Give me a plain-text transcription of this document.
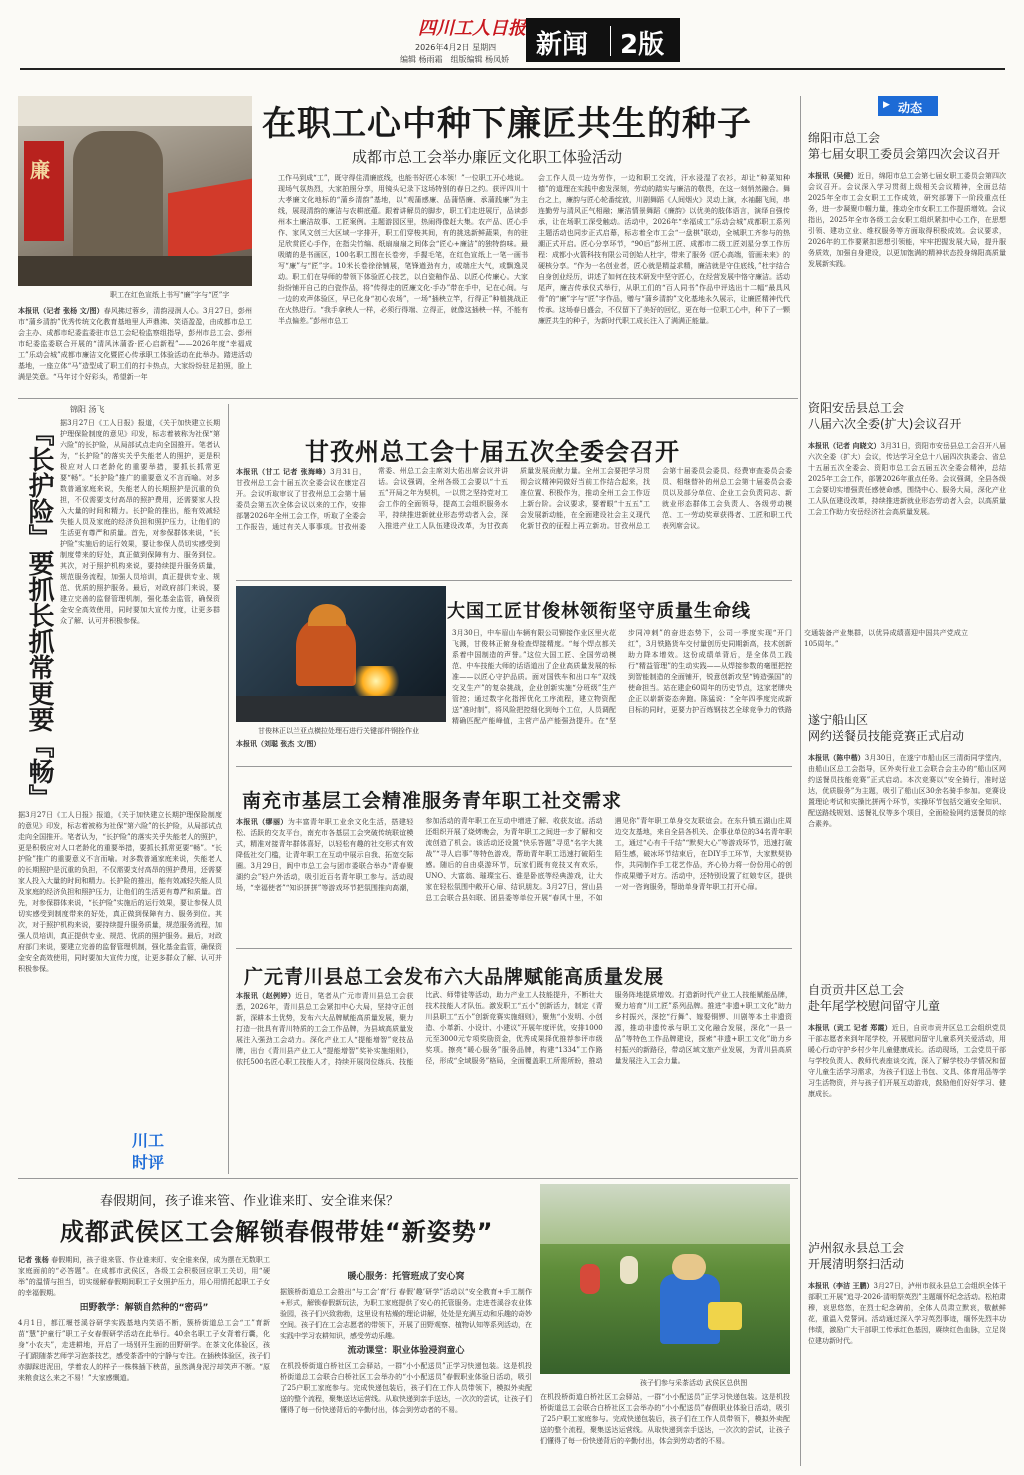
四川工人日报
2026年4月2日 星期四
编辑 杨雨霜　组版编辑 杨凤娇 新闻 2版
廉
职工在红色宣纸上书写“廉”字与“匠”字
在职工心中种下廉匠共生的种子
成都市总工会举办廉匠文化职工体验活动
本报讯（记者 张杨 文/图）春风拂过蓉乡，清韵浸润人心。3月27日，彭州市“蒲乡清韵”优秀传统文化教育基地里人声鼎沸、笑语盈盈，由成都市总工会主办、成都市纪委监委驻市总工会纪检监察组指导，彭州市总工会、彭州市纪委监委联合开展的“清风沐蒲香·匠心启新程”——2026年度“幸福成工”乐动会城”成都市廉洁文化暨匠心传承职工体验活动在此举办。踏进活动基地，一座立体“马”造型成了职工们的打卡热点，大家纷纷驻足拍照，脸上满是笑意。“马年讨个好彩头，希望新一年
工作马到成“工”，既守得住清廉底线，也能书好匠心本领！”一位职工开心地说。现场气氛热烈，大家拍照分享，用镜头记录下这场特别的春日之约。获评四川十大孝廉文化地标的“蒲乡清韵”基地，以“观蒲感廉、品蒲悟廉、承蒲践廉”为主线，展现清韵的廉洁与农耕底蕴。跟着讲解员的脚步，职工们走进展厅，品读彭州本土廉洁故事、工匠案例。主题游园区里，热闹得像赶大集。农产品、匠心手作、家风文创三大区域一字排开，职工们穿梭其间，有的挑选新鲜蔬果，有的驻足欣赏匠心手作，在指尖竹编、纸扇扇扇之间体会“匠心+廉洁”的独特韵味。最吸睛的是书画区，100名职工围在长卷旁，手握毛笔，在红色宣纸上一笔一画书写“廉”与“匠”字。10米长卷徐徐铺展，笔锋遒劲有力，或端庄大气，或飘逸灵动。职工们在导师的带领下体验匠心技艺，以白瓷釉作品、以匠心传廉心。大家纷纷铺开自己的白瓷作品，将“传得走的匠廉文化·手办”带在手中，记在心间。与一边的欢声体验区，早已化身“初心农场”，一场“插秧立竿，行得正”种植挑战正在火热进行。“我手拿秧人一样，必须行得端、立得正，就像这插秧一样，不能有半点偏差。”彭州市总工
会工作人员一边为劳作，一边和职工交流，汗水浸湿了衣衫，却让“种菜知种德”的道理在实践中愈发深刻，劳动的踏实与廉洁的敬畏，在这一刻悄然融合。舞台之上，廉韵与匠心轮番绽放，川剧舞蹈《人间烟火》灵动上演，水袖翻飞间，串连勤劳与清风正气相融；廉洁情景舞蹈《廉韵》以优美的肢体语言，演绎自强传承，让在场职工深受触动。活动中，2026年“幸福成工”乐动会城”成都职工系列主题活动也同步正式启幕，标志着全市工会“一盘棋”联动，全城职工齐参与的热潮正式开启。匠心分享环节，“90后”彭州工匠、成都市二级工匠刘星分享工作历程：成都小火箭科技有限公司创始人杜宇，带来了服务《匠心高端，管画未来》的硬核分享。“作为一名创业者，匠心就是精益求精，廉洁就是守住底线，”杜宇结合自身创业经历，讲述了如何在技术研发中坚守匠心，在经营发展中恪守廉洁。活动尾声，廉吉传承仪式举行，从职工们的“百人同书”作品中评选出十二幅“最具风骨”的“廉”字与“匠”字作品，赠与“蒲乡清韵”文化基地永久展示，让廉匠精神代代传承。这场春日盛会，不仅留下了美好的回忆，更在每一位职工心中，种下了一颗廉匠共生的种子，为新时代职工成长注入了满满正能量。
锦阳 汤飞
据3月27日《工人日报》报道，《关于加快建立长期护理保险制度的意见》印发，标志着被称为社保“第六险”的长护险，从局部试点走向全国推开。笔者认为，“长护险”的落实关乎失能老人的照护，更是积极应对人口老龄化的重要举措，要抓长抓常更要“畅”。“长护险”推广的重要意义不言而喻。对多数普通家庭来说，失能老人的长期照护是沉重的负担，不仅需要支付高昂的照护费用，还需要家人投入大量的时间和精力。长护险的推出，能有效减轻失能人员及家庭的经济负担和照护压力，让他们的生活更有尊严和质量。首先，对参保群体来说，“长护险”实施后的运行效果，要让参保人员切实感受到制度带来的好处，真正做到保障有力、服务到位。其次，对于照护机构来说，要持续提升服务质量，规范服务流程，加强人员培训，真正提供专业、规范、优质的照护服务。最后，对政府部门来说，要建立完善的监督管理机制，强化基金监管，确保资金安全高效使用，同时要加大宣传力度，让更多群众了解、认可并积极参保。
『长护险』要抓长抓常更要『畅』
据3月27日《工人日报》报道，《关于加快建立长期护理保险制度的意见》印发，标志着被称为社保“第六险”的长护险，从局部试点走向全国推开。笔者认为，“长护险”的落实关乎失能老人的照护，更是积极应对人口老龄化的重要举措，要抓长抓常更要“畅”。“长护险”推广的重要意义不言而喻。对多数普通家庭来说，失能老人的长期照护是沉重的负担，不仅需要支付高昂的照护费用，还需要家人投入大量的时间和精力。长护险的推出，能有效减轻失能人员及家庭的经济负担和照护压力，让他们的生活更有尊严和质量。首先，对参保群体来说，“长护险”实施后的运行效果，要让参保人员切实感受到制度带来的好处，真正做到保障有力、服务到位。其次，对于照护机构来说，要持续提升服务质量，规范服务流程，加强人员培训，真正提供专业、规范、优质的照护服务。最后，对政府部门来说，要建立完善的监督管理机制，强化基金监管，确保资金安全高效使用，同时要加大宣传力度，让更多群众了解、认可并积极参保。
川工
时评
甘孜州总工会十届五次全委会召开
本报讯（甘工 记者 张海峰）3月31日，甘孜州总工会十届五次全委会议在康定召开。会议听取审议了甘孜州总工会第十届委员会第五次全体会议以来的工作，安排部署2026年全州工会工作，听取了全委会工作报告，通过有关人事事项。甘孜州委常委、州总工会主席刘大佑出席会议并讲话。会议强调，全州各级工会要以“十五五”开局之年为契机，一以贯之坚持党对工会工作的全面领导，提高工会组织服务水平，持续推进新就业形态劳动者入会，深入推进产业工人队伍建设改革，为甘孜高质量发展贡献力量。全州工会要把学习贯彻会议精神同做好当前工作结合起来，找准位置、积极作为，推动全州工会工作迈上新台阶。会议要求，要着眼“十五五”工会发展新动能，在全面建设社会主义现代化新甘孜的征程上再立新功。甘孜州总工会第十届委员会委员、经费审查委员会委员、相继替补的州总工会第十届委员会委员以及部分单位、企业工会负责同志、新就业形态群体工会负责人、各级劳动模范、工一劳动奖章获得者、工匠和职工代表列席会议。
甘俊林正以兰亚点横拉处理石进行关键部件钢拴作业
大国工匠甘俊林领衔坚守质量生命线
3月30日，中车眉山车辆有限公司铆接作业区里火花飞溅，甘俊林正俯身检查焊接精度。“每个焊点都关系着中国制造的声誉。”这位大国工匠、全国劳动模范、中车技能大师的话语道出了企业高质量发展的标准——以匠心守护品质。面对国铁车和出口车“双线交叉生产”的复杂挑战，企业创新实施“分班级”生产管控；通过数字化指挥优化工序流程，建立物资配送“准时制”，将风险把控细化到每个工位，人员调配精确匹配产能峰值，主营产品产能强劲提升。在“坚步同冲刺”的奋进态势下，公司一季度实现“开门红”，3月铁路货车交付量创历史同期新高，技术创新助力降本增效。这份成绩单背后，是全体员工践行“精益管理”的生动实践——从焊接参数的毫厘把控到智能制造的全面铺开，锐意创新攻坚“铸造强国”的使命担当。站在建企60周年的历史节点，这家老牌央企正以崭新姿态奔跑。陈猛说：“全年四季度完成新目标的同时，更要力护百炼钢技艺全球竞争力的铁路交通装备产业集群，以优异成绩喜迎中国共产党成立105周年。”
本报讯（刘聪 张杰 文/图）
南充市基层工会精准服务青年职工社交需求
本报讯（缪丽）为丰富青年职工业余文化生活，搭建轻松、活跃的交友平台，南充市各基层工会突破传统联谊模式，精准对接青年群体喜好，以轻松有趣的社交形式有效降低社交门槛，让青年职工在互动中展示自我、拓宽交际圈。3月29日，阆中市总工会与团市委联合举办“青春聚湖约会”轻户外活动，吸引近百名青年职工参与。活动现场，“幸福使者”“知识拼拼”等游戏环节把氛围推向高潮，参加活动的青年职工在互动中增进了解、收获友谊。活动还组织开展了烧烤晚会，为青年职工之间进一步了解和交流创造了机会。该活动还设置“快乐答题”寻觅“名字大挑战”“寻人启事”等特色游戏，帮助青年职工迅速打破陌生感。随后的自由桌游环节，玩家们既有竞技又有欢乐，UNO、大富翁、璀璨宝石、谁是卧底等经典游戏，让大家在轻松氛围中敞开心扉、结识朋友。3月27日，营山县总工会联合县妇联、团县委等单位开展“春风十里，不如遇见你”青年职工单身交友联谊会。在东升镇五湖山庄周边交友基地，来自全县各机关、企事业单位的34名青年职工，通过“心有千千结”“默契大心”等游戏环节，迅速打破陌生感，破冰环节结束后，在DIY手工环节，大家默契协作，共同制作手工花艺作品，齐心协力将一份份用心的创作成果赠予对方。活动中，还特别设置了红娘专区，提供一对一咨询服务，帮助单身青年职工打开心扉。
广元青川县总工会发布六大品牌赋能高质量发展
本报讯（赵例婷）近日，笔者从广元市青川县总工会获悉，2026年，青川县总工会紧扣中心大局，坚持守正创新，深耕本土优势，发布六大品牌赋能高质量发展，聚力打造一批具有青川特质的工会工作品牌，为县域高质量发展注入强劲工会动力。深化产业工人“提能增智”竞技品牌，出台《青川县产业工人“提能增智”奖补实施细则》，依托500名匠心职工技能人才，持续开展岗位练兵、技能比武、师带徒等活动，助力产业工人技能提升，不断壮大技术技能人才队伍。激发职工“五小”创新活力，制定《青川县职工“五小”创新竞赛实施细则》，聚焦“小发明、小创造、小革新、小设计、小建议”开展年度评优，安排1000元至3000元专项奖励资金，优秀成果择优推荐参评市级奖项。擦亮“暖心服务”服务品牌，构建“1334”工作路径，形成“全域服务”格局，全面覆盖职工所需所盼，推动服务阵地提质增效。打造新时代产业工人技能赋能品牌，聚力培育“川工匠”系列品牌。推进“非遗+职工文化”助力乡村振兴，深挖“行舞”、嫁娶铜锣、川剧等本土非遗资源，推动非遗传承与职工文化融合发展，深化“一县一品”等特色工作品牌建设，探索“非遗+职工文化”助力乡村振兴的新路径，带动区域文旅产业发展，为青川县高质量发展注入工会力量。
春假期间，孩子谁来管、作业谁来盯、安全谁来保？
成都武侯区工会解锁春假带娃“新姿势”
记者 张杨 春假期间，孩子谁来管、作业谁来盯、安全谁来保，成为摆在无数职工家庭面前的“必答题”。在成都市武侯区，各级工会积极回应职工关切，用“硬举”的温情与担当，切实缓解春假期间职工子女照护压力，用心用情托起职工子女的幸福假期。
田野教学：解锁自然种的“密码”
4月1日，都江堰苍溪谷研学实践基地内笑语不断，簇桥街道总工会“工”育新苗“慧”护童行”职工子女春假研学活动在此举行。40余名职工子女背着行囊，化身“小农夫”，走进耕地，开启了一场别开生面的田野研学。在茶文化体验区，孩子们跟随茶艺师学习泡茶技艺，感受茶香中的宁静与专注。在插秧体验区，孩子们赤脚踩进泥田，学着农人的样子一株株插下秧苗，虽然满身泥泞却笑声不断。“原来粮食这么来之不易！”大家感慨道。
暖心服务：托管班成了安心窝
据簇桥街道总工会推出“与工会’育’行 春假’趣’研学”活动以“安全教育+手工制作+形式，解锁春假新玩法，为职工家庭提供了安心的托管服务。走进苍溪谷农业体验园，孩子们兴致勃勃，这里设有枯燥的理论讲解，处处是充满互动和乐趣的奇妙空间。孩子们在工会志愿者的带领下，开展了田野观察、植物认知等系列活动，在实践中学习农耕知识，感受劳动乐趣。
流动课堂：职业体验浸润童心
在机投桥街道白桥社区工会驿站，一群“小小配送员”正学习快递包装。这是机投桥街道总工会联合白桥社区工会举办的“小小配送员”春假职业体验日活动，吸引了25户职工家庭参与。完成快递包装后，孩子们在工作人员带领下，模拟外卖配送的整个流程，聚集送达运营线。从取快递到亲手送达，一次次的尝试，让孩子们懂得了每一份快递背后的辛勤付出，体会到劳动者的不易。
孩子们参与采茶活动 武侯区总供图
在机投桥街道白桥社区工会驿站，一群“小小配送员”正学习快递包装。这是机投桥街道总工会联合白桥社区工会举办的“小小配送员”春假职业体验日活动，吸引了25户职工家庭参与。完成快递包装后，孩子们在工作人员带领下，模拟外卖配送的整个流程，聚集送达运营线。从取快递到亲手送达，一次次的尝试，让孩子们懂得了每一份快递背后的辛勤付出，体会到劳动者的不易。
▶ 动态
绵阳市总工会
第七届女职工委员会第四次会议召开
本报讯（吴健）近日，绵阳市总工会第七届女职工委员会第四次会议召开。会议深入学习贯彻上级相关会议精神，全面总结2025年全市工会女职工工作成效，研究部署下一阶段重点任务，进一步凝聚巾帼力量，推动全市女职工工作提质增效。会议指出，2025年全市各级工会女职工组织紧扣中心工作，在思想引领、建功立业、维权服务等方面取得积极成效。会议要求，2026年的工作要紧扣思想引领能，牢牢把握发展大局，提升服务质效，加强自身建设，以更加饱满的精神状态投身绵阳高质量发展新实践。
资阳安岳县总工会
八届六次全委(扩大)会议召开
本报讯（记者 向晓文）3月31日，资阳市安岳县总工会召开八届六次全委（扩大）会议，传达学习全总十八届四次执委会、省总十五届五次全委会、资阳市总工会五届五次全委会精神，总结2025年工会工作，部署2026年重点任务。会议强调，全县各级工会要切实增强责任感使命感，围绕中心、服务大局，深化产业工人队伍建设改革，持续推进新就业形态劳动者入会，以高质量工会工作助力安岳经济社会高质量发展。
遂宁船山区
网约送餐员技能竞赛正式启动
本报讯（陈中楷）3月30日，在遂宁市船山区三清街同学堂内，由船山区总工会指导，区外卖行业工会联合会主办的“船山区网约送餐员技能竞赛”正式启动。本次竞赛以“安全骑行，准时送达，优质服务”为主题，吸引了船山区30余名骑手参加。竞赛设置理论考试和实操比拼两个环节，实操环节包括交通安全知识、配送路线规划、送餐礼仪等多个项目，全面检验网约送餐员的综合素养。
自贡贡井区总工会
赴年尾学校慰问留守儿童
本报讯（贡工 记者 郑霞）近日，自贡市贡井区总工会组织党员干部志愿者来到年尾学校，开展慰问留守儿童系列关爱活动，用暖心行动守护乡村少年儿童健康成长。活动现场，工会党员干部与学校负责人、教师代表座谈交流，深入了解学校办学情况和留守儿童生活学习需求，为孩子们送上书包、文具、体育用品等学习生活物资，并与孩子们开展互动游戏，鼓励他们好好学习、健康成长。
泸州叙永县总工会
开展清明祭扫活动
本报讯（李洁 王鹏）3月27日，泸州市叙永县总工会组织全体干部职工开展“追寻·2026·清明祭英烈”主题缅怀纪念活动。松柏肃穆，哀思悠悠，在烈士纪念碑前，全体人员肃立默哀，敬献鲜花，重温入党誓词。活动通过深入学习英烈事迹，缅怀先烈丰功伟绩，激励广大干部职工传承红色基因，赓续红色血脉，立足岗位建功新时代。
